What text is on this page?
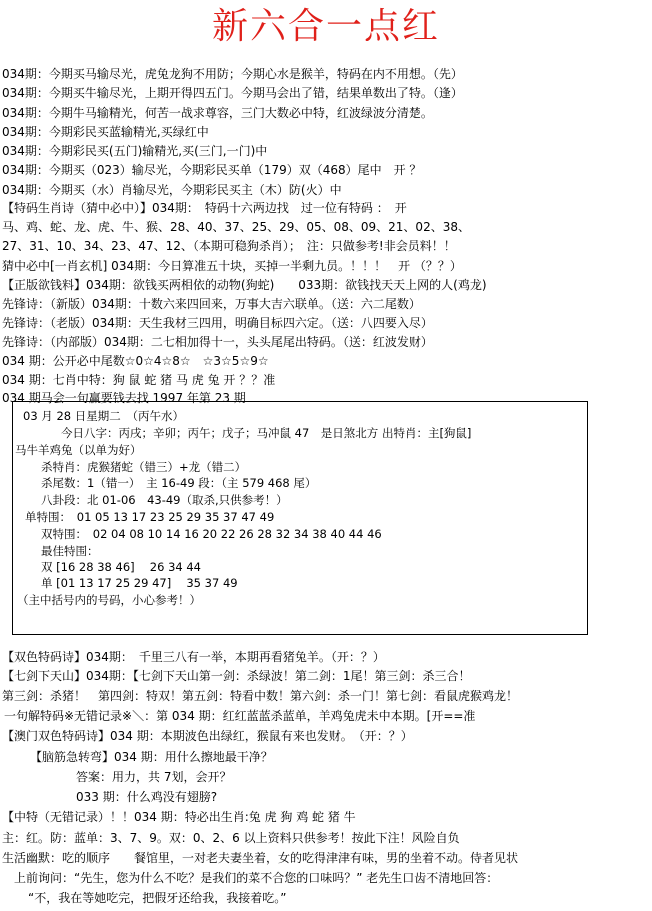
新六合一点红
034期：今期买马输尽光，虎兔龙狗不用防；今期心水是猴羊，特码在内不用想。（先）
034期：今期买牛输尽光，上期开得四五门。今期马会出了错，结果单数出了特。（逢）
034期：今期牛马输精光，何苦一战求尊容，三门大数必中特，红波绿波分清楚。
034期：今期彩民买蓝输精光,买绿红中
034期：今期彩民买(五门)输精光,买(三门,一门)中
034期：今期买（023）输尽光，今期彩民买单（179）双（468）尾中　开 ？
034期：今期买（水）肖输尽光，今期彩民买主（木）防(火）中
【特码生肖诗（猜中必中）】034期：　特码十六两边找　过一位有特码 ：　开
马、鸡、蛇、龙、虎、牛、猴、28、40、37、25、29、05、08、09、21、02、38、
27、31、10、34、23、47、12、（本期可稳狗杀肖）；　注：只做参考!非会员料！！
猜中必中[一肖玄机] 034期：今日算准五十块，买掉一半剩九员。！！！　开 （？？）
【正版欲钱料】034期：欲钱买两相依的动物(狗蛇)　　033期：欲钱找天天上网的人(鸡龙)
先锋诗：（新版）034期：十数六来四回来，万事大吉六联单。（送：六二尾数）
先锋诗：（老版）034期：天生我材三四用，明确目标四六定。（送：八四要入尽）
先锋诗：（内部版）034期：二七相加得十一，头头尾尾出特码。（送：红波发财）
034 期：公开必中尾数☆0☆4☆8☆　☆3☆5☆9☆
034 期：七肖中特：狗 鼠 蛇 猪 马 虎 兔 开 ？？准
034 期马会一句赢要钱去找 1997 年第 23 期
03 月 28 日星期二　（丙午水）
今日八字：丙戌；辛卯；丙午；戊子；马冲鼠 47　是日煞北方 出特肖：主[狗鼠]
马牛羊鸡兔（以单为好）
杀特肖：虎猴猪蛇（错三）+龙（错二）
杀尾数：1（错一）　主 16-49 段：（主 579 468 尾）
八卦段：北 01-06　43-49（取杀,只供参考！）
单特围：　01 05 13 17 23 25 29 35 37 47 49
双特围：　02 04 08 10 14 16 20 22 26 28 32 34 38 40 44 46
最佳特围：
双 [16 28 38 46]　 26 34 44
单 [01 13 17 25 29 47]　 35 37 49
（主中括号内的号码，小心参考！）
【双色特码诗】034期：　千里三八有一举，本期再看猪兔羊。（开：？）
【七剑下天山】034期：【七剑下天山第一剑：杀绿波！第二剑：1尾！第三剑：杀三合！
第三剑：杀猪！　第四剑：特双！第五剑：特看中数！第六剑：杀一门！第七剑：看鼠虎猴鸡龙！
一句解特码※无错记录※＼：第 034 期：红红蓝蓝杀蓝单，羊鸡兔虎未中本期。[开==准
【澳门双色特码诗】034 期：本期波色出绿红，猴鼠有来也发财。　（开：？）
【脑筋急转弯】034 期：用什么擦地最干净？
答案：用力，共 7划，会开？
033 期：什么鸡没有翅膀?
【中特（无错记录）！！034 期：特必出生肖:兔 虎 狗 鸡 蛇 猪 牛
主：红。防：蓝单：3、7、9。双：0、2、6 以上资料只供参考！按此下注！风险自负
生活幽默：吃的顺序　　餐馆里，一对老夫妻坐着，女的吃得津津有味，男的坐着不动。侍者见状
上前询问：“先生，您为什么不吃？是我们的菜不合您的口味吗？” 老先生口齿不清地回答：
“不，我在等她吃完，把假牙还给我，我接着吃。”
